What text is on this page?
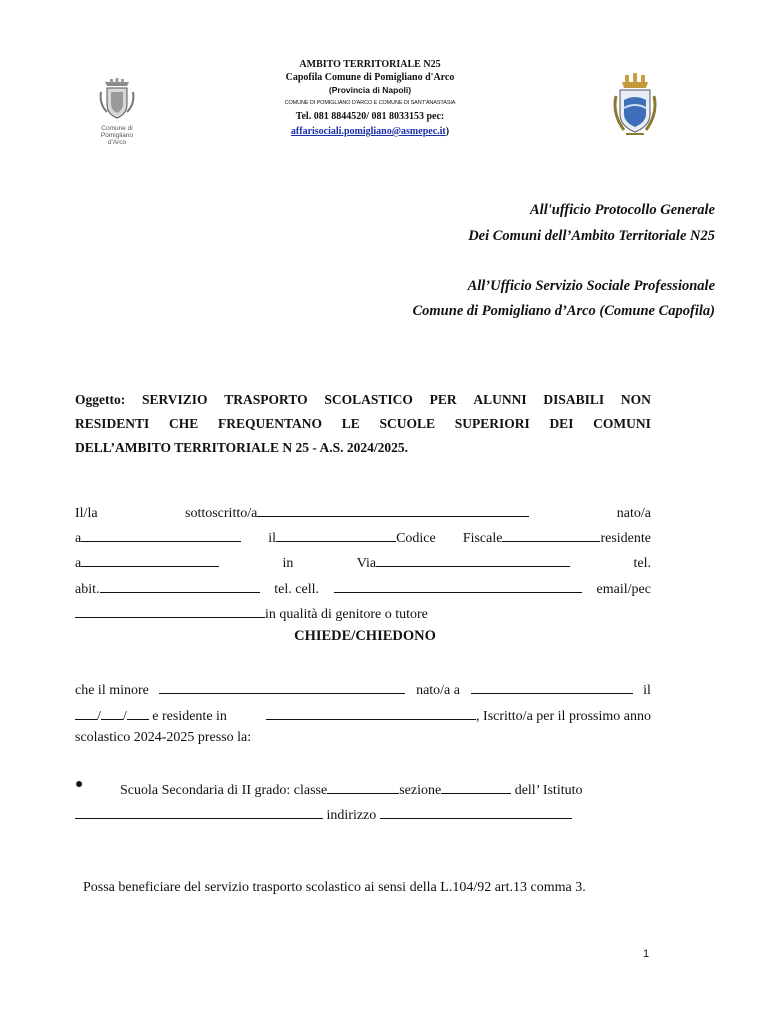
Comune di
Pomigliano d'Arco
AMBITO TERRITORIALE N25
Capofila Comune di Pomigliano d'Arco
(Provincia di Napoli)
COMUNE DI POMIGLIANO D'ARCO E COMUNE DI SANT'ANASTASIA
Tel. 081 8844520/ 081 8033153 pec:
affarisociali.pomigliano@asmepec.it)
All'ufficio Protocollo Generale
Dei Comuni dell’Ambito Territoriale N25
All’Ufficio Servizio Sociale Professionale
Comune di Pomigliano d’Arco (Comune Capofila)
Oggetto: SERVIZIO TRASPORTO SCOLASTICO PER ALUNNI DISABILI NON
RESIDENTI CHE FREQUENTANO LE SCUOLE SUPERIORI DEI COMUNI
DELL’AMBITO TERRITORIALE N 25 - A.S. 2024/2025.
Il/la	sottoscritto/a	nato/a
a	il	Codice Fiscale	residente
a	in	Via	tel.
abit.	tel. cell.	email/pec
in qualità di genitore o tutore
CHIEDE/CHIEDONO
che il minore	nato/a a	il
/ / e residente in	, Iscritto/a per il prossimo anno
scolastico 2024-2025 presso la:
●	Scuola Secondaria di II grado: classe	sezione	dell’ Istituto
indirizzo
Possa beneficiare del servizio trasporto scolastico ai sensi della L.104/92 art.13 comma 3.
1
